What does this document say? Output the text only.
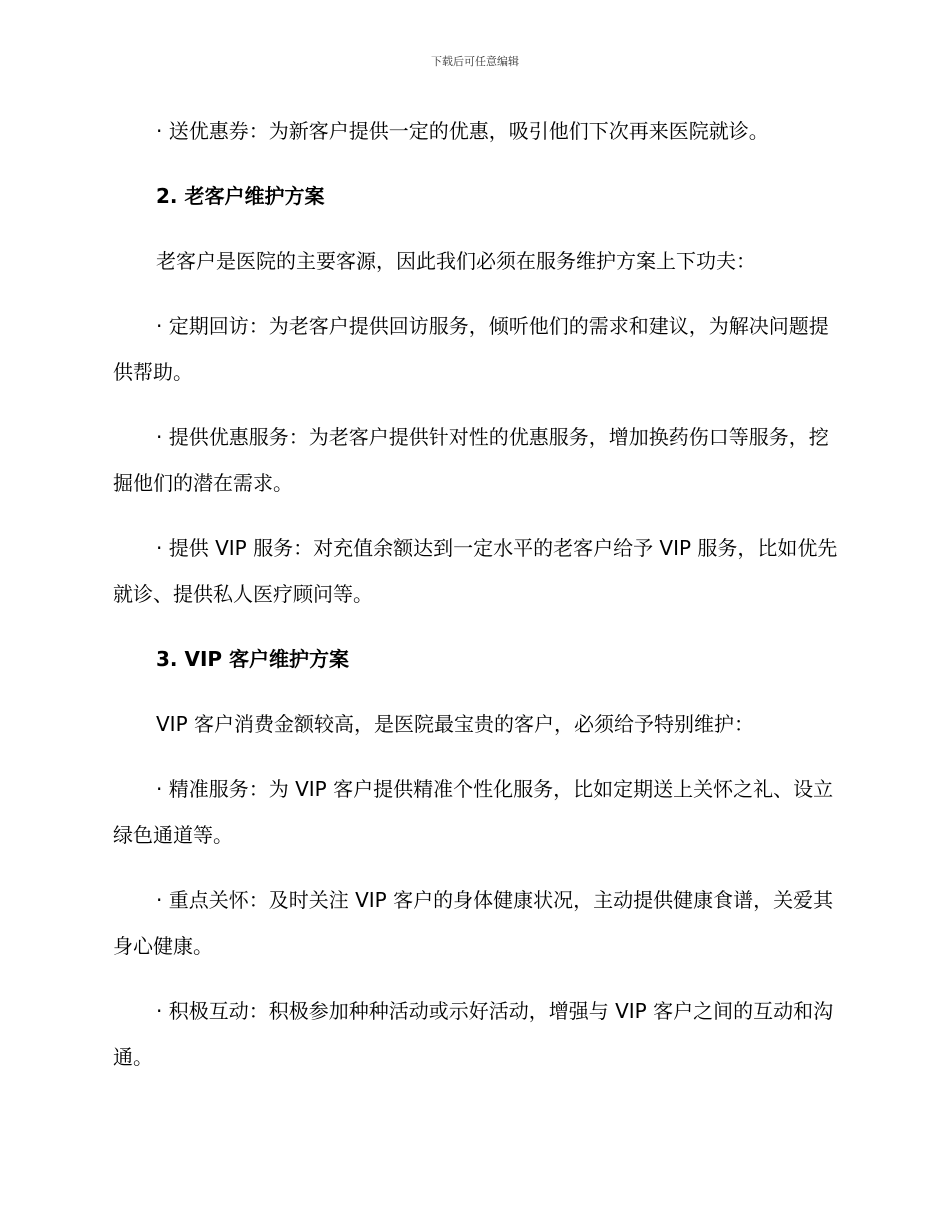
下载后可任意编辑

· 送优惠券：为新客户提供一定的优惠，吸引他们下次再来医院就诊。

2. 老客户维护方案

老客户是医院的主要客源，因此我们必须在服务维护方案上下功夫：

· 定期回访：为老客户提供回访服务，倾听他们的需求和建议，为解决问题提供帮助。

· 提供优惠服务：为老客户提供针对性的优惠服务，增加换药伤口等服务，挖掘他们的潜在需求。

· 提供 VIP 服务：对充值余额达到一定水平的老客户给予 VIP 服务，比如优先就诊、提供私人医疗顾问等。

3. VIP 客户维护方案

VIP 客户消费金额较高，是医院最宝贵的客户，必须给予特别维护：

· 精准服务：为 VIP 客户提供精准个性化服务，比如定期送上关怀之礼、设立绿色通道等。

· 重点关怀：及时关注 VIP 客户的身体健康状况，主动提供健康食谱，关爱其身心健康。

· 积极互动：积极参加种种活动或示好活动，增强与 VIP 客户之间的互动和沟通。
